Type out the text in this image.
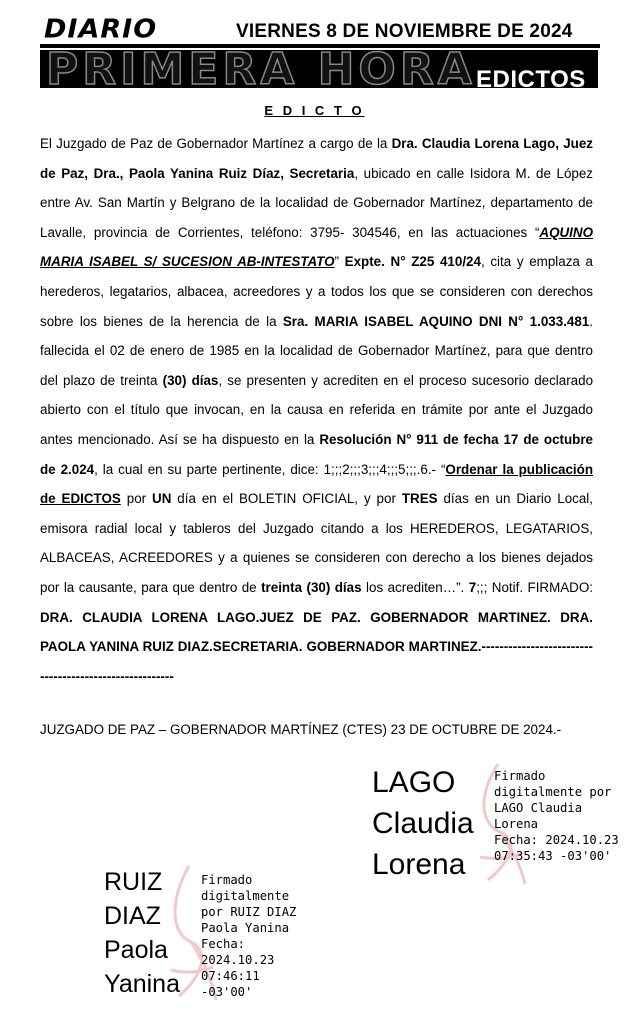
DIARIO	VIERNES 8 DE NOVIEMBRE DE 2024
PRIMERA HORA EDICTOS
E D I C T O
El Juzgado de Paz de Gobernador Martínez a cargo de la Dra. Claudia Lorena Lago, Juez de Paz, Dra., Paola Yanina Ruiz Díaz, Secretaria, ubicado en calle Isidora M. de López entre Av. San Martín y Belgrano de la localidad de Gobernador Martínez, departamento de Lavalle, provincia de Corrientes, teléfono: 3795- 304546, en las actuaciones “AQUINO MARIA ISABEL S/ SUCESION AB-INTESTATO” Expte. N° Z25 410/24, cita y emplaza a herederos, legatarios, albacea, acreedores y a todos los que se consideren con derechos sobre los bienes de la herencia de la Sra. MARIA ISABEL AQUINO DNI N° 1.033.481. fallecida el 02 de enero de 1985 en la localidad de Gobernador Martínez, para que dentro del plazo de treinta (30) días, se presenten y acrediten en el proceso sucesorio declarado abierto con el título que invocan, en la causa en referida en trámite por ante el Juzgado antes mencionado. Así se ha dispuesto en la Resolución N° 911 de fecha 17 de octubre de 2.024, la cual en su parte pertinente, dice: 1;;;2;;;3;;;4;;;5;;;.6.- “Ordenar la publicación de EDICTOS por UN día en el BOLETIN OFICIAL, y por TRES días en un Diario Local, emisora radial local y tableros del Juzgado citando a los HEREDEROS, LEGATARIOS, ALBACEAS, ACREEDORES y a quienes se consideren con derecho a los bienes dejados por la causante, para que dentro de treinta (30) días los acrediten…”. 7;;; Notif. FIRMADO: DRA. CLAUDIA LORENA LAGO.JUEZ DE PAZ. GOBERNADOR MARTINEZ. DRA. PAOLA YANINA RUIZ DIAZ.SECRETARIA. GOBERNADOR MARTINEZ.-------------------------------------------------------
JUZGADO DE PAZ – GOBERNADOR MARTÍNEZ (CTES) 23 DE OCTUBRE DE 2024.-
LAGO
Claudia
Lorena
Firmado
digitalmente por
LAGO Claudia
Lorena
Fecha: 2024.10.23
07:35:43 -03'00'
RUIZ
DIAZ
Paola
Yanina
Firmado
digitalmente
por RUIZ DIAZ
Paola Yanina
Fecha:
2024.10.23
07:46:11 -03'00'
